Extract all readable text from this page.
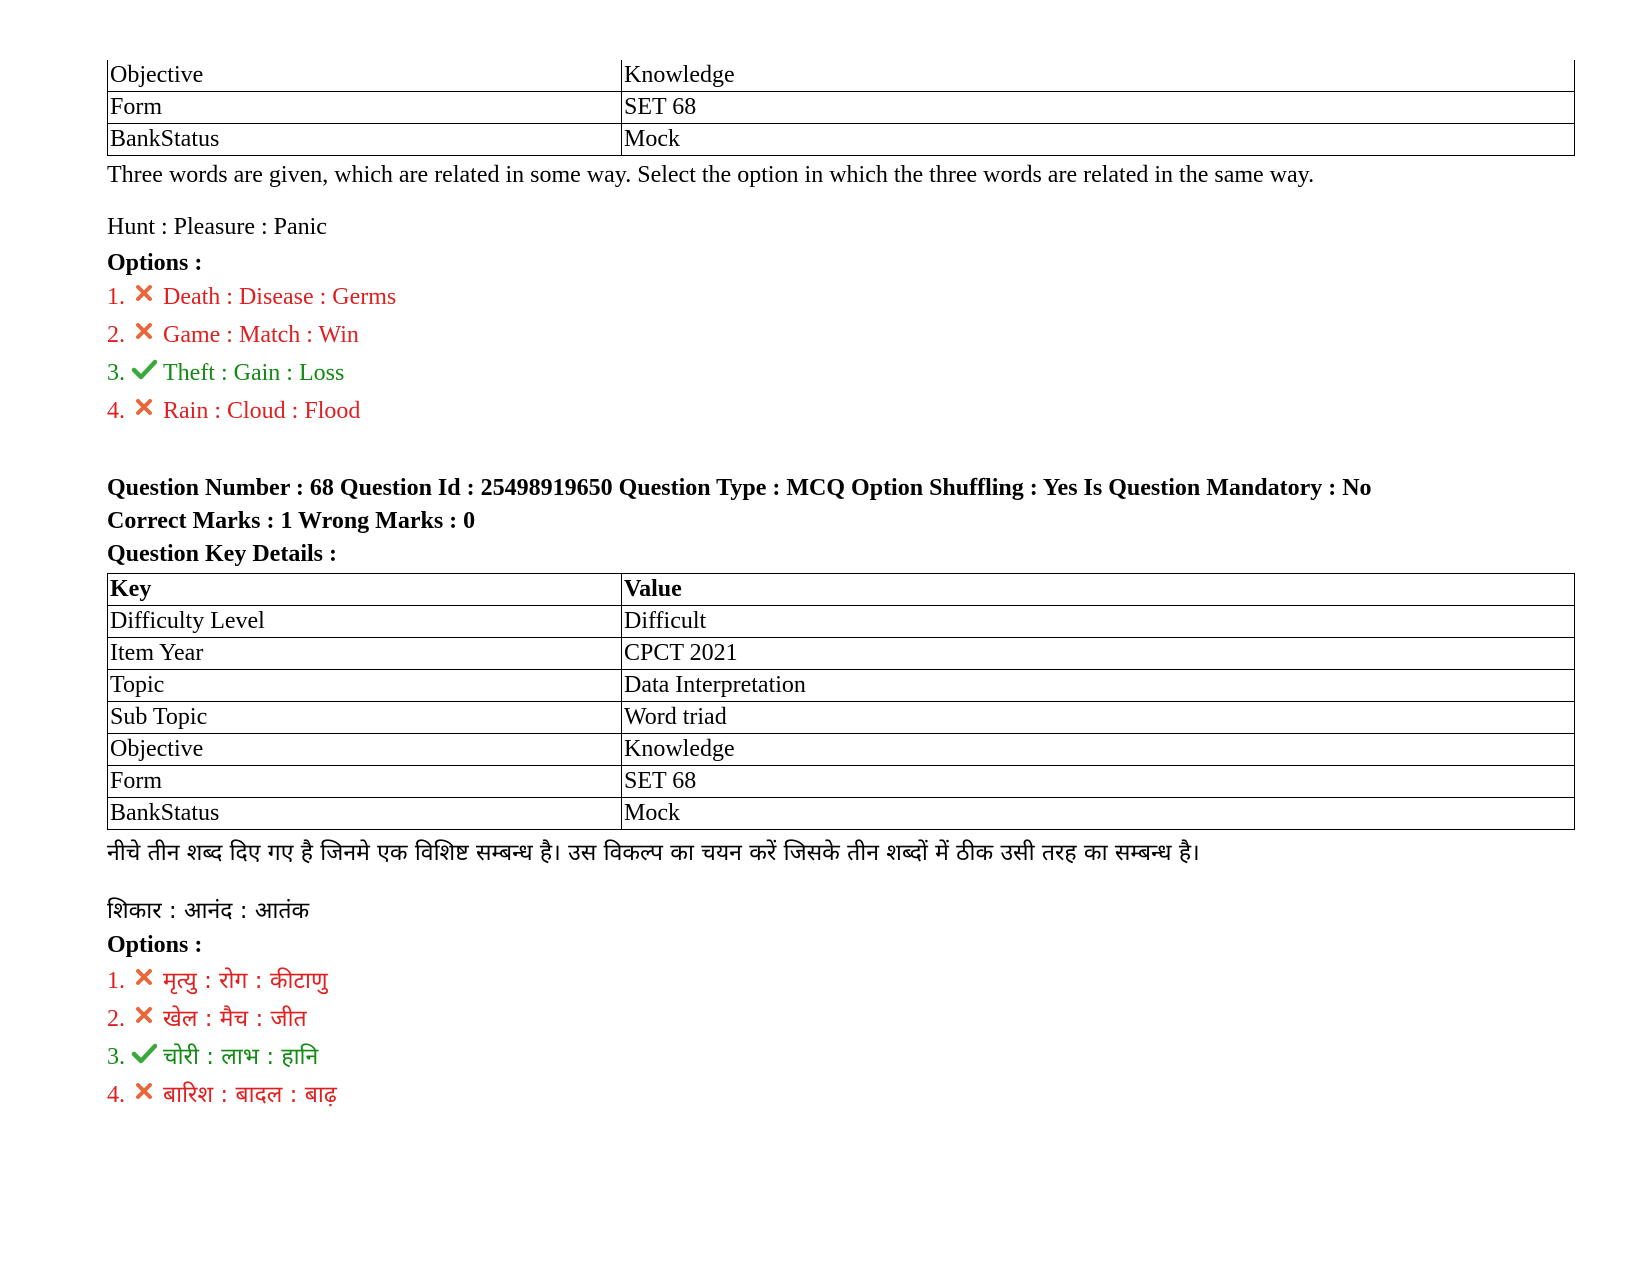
Objective	Knowledge
Form	SET 68
BankStatus	Mock
Three words are given, which are related in some way. Select the option in which the three words are related in the same way.
Hunt : Pleasure : Panic
Options :
1. Death : Disease : Germs
2. Game : Match : Win
3. Theft : Gain : Loss
4. Rain : Cloud : Flood
Question Number : 68 Question Id : 25498919650 Question Type : MCQ Option Shuffling : Yes Is Question Mandatory : No
Correct Marks : 1 Wrong Marks : 0
Question Key Details :
Key	Value
Difficulty Level	Difficult
Item Year	CPCT 2021
Topic	Data Interpretation
Sub Topic	Word triad
Objective	Knowledge
Form	SET 68
BankStatus	Mock
नीचे तीन शब्द दिए गए है जिनमे एक विशिष्ट सम्बन्ध है। उस विकल्प का चयन करें जिसके तीन शब्दों में ठीक उसी तरह का सम्बन्ध है।
शिकार : आनंद : आतंक
Options :
1. मृत्यु : रोग : कीटाणु
2. खेल : मैच : जीत
3. चोरी : लाभ : हानि
4. बारिश : बादल : बाढ़
